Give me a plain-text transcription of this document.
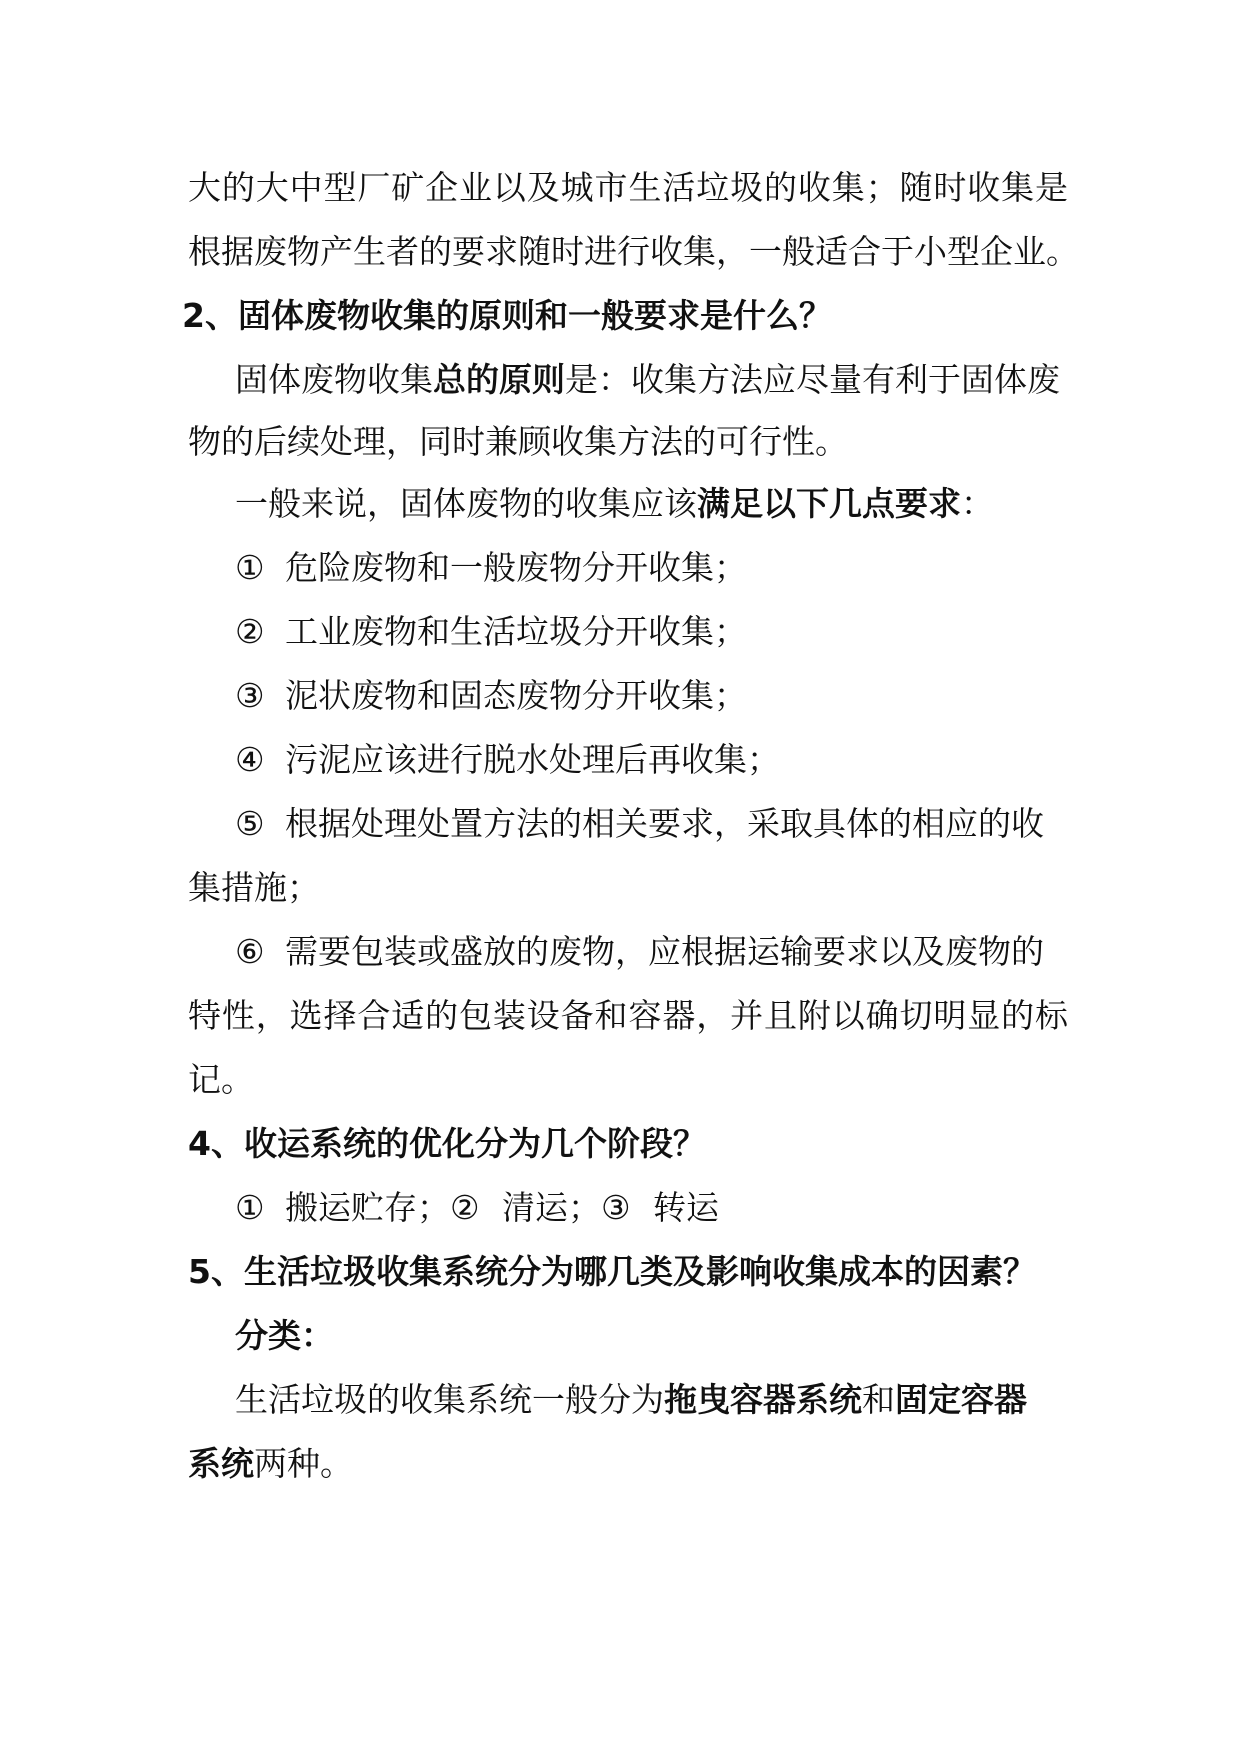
大的大中型厂矿企业以及城市生活垃圾的收集；随时收集是
根据废物产生者的要求随时进行收集，一般适合于小型企业。
2、固体废物收集的原则和一般要求是什么？
固体废物收集总的原则是：收集方法应尽量有利于固体废
物的后续处理，同时兼顾收集方法的可行性。
一般来说，固体废物的收集应该满足以下几点要求：
① 危险废物和一般废物分开收集；
② 工业废物和生活垃圾分开收集；
③ 泥状废物和固态废物分开收集；
④ 污泥应该进行脱水处理后再收集；
⑤ 根据处理处置方法的相关要求，采取具体的相应的收
集措施；
⑥ 需要包装或盛放的废物，应根据运输要求以及废物的
特性，选择合适的包装设备和容器，并且附以确切明显的标
记。
4、收运系统的优化分为几个阶段？
① 搬运贮存；② 清运；③ 转运
5、生活垃圾收集系统分为哪几类及影响收集成本的因素？
分类：
生活垃圾的收集系统一般分为拖曳容器系统和固定容器
系统两种。
